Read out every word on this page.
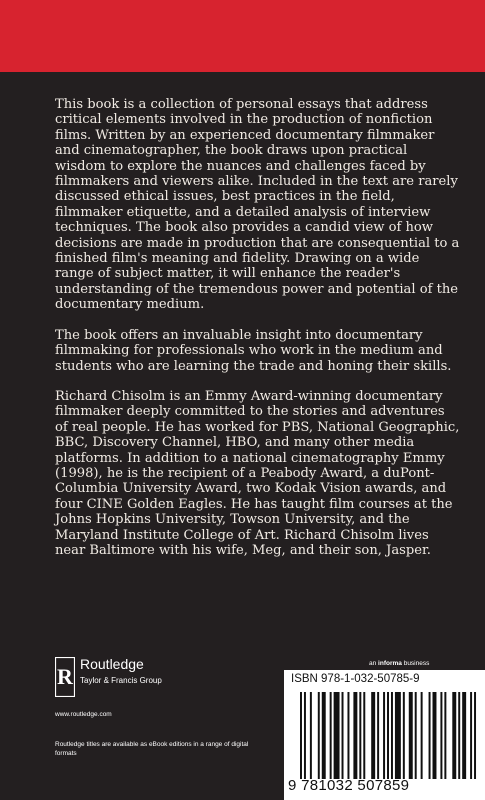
This book is a collection of personal essays that address critical elements involved in the production of nonfiction films. Written by an experienced documentary filmmaker and cinematographer, the book draws upon practical wisdom to explore the nuances and challenges faced by filmmakers and viewers alike. Included in the text are rarely discussed ethical issues, best practices in the field, filmmaker etiquette, and a detailed analysis of interview techniques. The book also provides a candid view of how decisions are made in production that are consequential to a finished film's meaning and fidelity. Drawing on a wide range of subject matter, it will enhance the reader's understanding of the tremendous power and potential of the documentary medium.

The book offers an invaluable insight into documentary filmmaking for professionals who work in the medium and students who are learning the trade and honing their skills.

Richard Chisolm is an Emmy Award-winning documentary filmmaker deeply committed to the stories and adventures of real people. He has worked for PBS, National Geographic, BBC, Discovery Channel, HBO, and many other media platforms. In addition to a national cinematography Emmy (1998), he is the recipient of a Peabody Award, a duPont-Columbia University Award, two Kodak Vision awards, and four CINE Golden Eagles. He has taught film courses at the Johns Hopkins University, Towson University, and the Maryland Institute College of Art. Richard Chisolm lives near Baltimore with his wife, Meg, and their son, Jasper.

R Routledge
Taylor & Francis Group
www.routledge.com
Routledge titles are available as eBook editions in a range of digital formats
an informa business
ISBN 978-1-032-50785-9
9 781032 507859
